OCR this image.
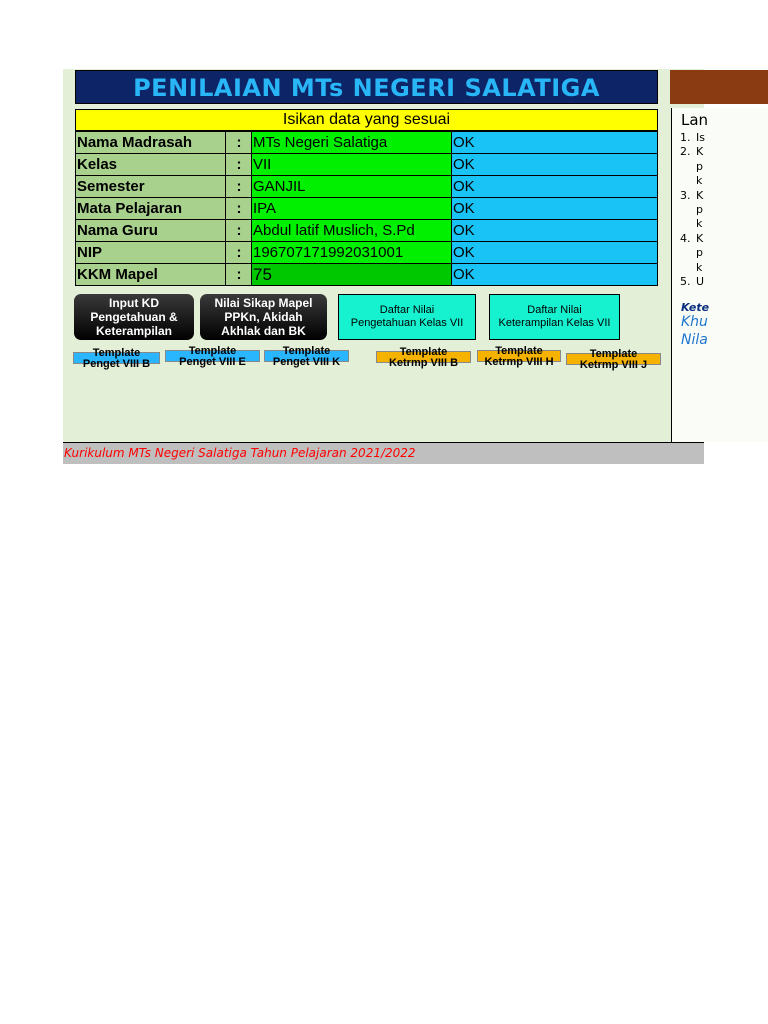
PENILAIAN MTs NEGERI SALATIGA
Isikan data yang sesuai
Nama Madrasah	:	MTs Negeri Salatiga	OK
Kelas	:	VII	OK
Semester	:	GANJIL	OK
Mata Pelajaran	:	IPA	OK
Nama Guru	:	Abdul latif Muslich, S.Pd	OK
NIP	:	196707171992031001	OK
KKM Mapel	:	75	OK
Input KD
Pengetahuan &
Keterampilan
Nilai Sikap Mapel
PPKn, Akidah
Akhlak dan BK
Daftar Nilai
Pengetahuan Kelas VII
Daftar Nilai
Keterampilan Kelas VII
Template
Penget VIII B
Template
Penget VIII E
Template
Penget VIII K
Template
Ketrmp VIII B
Template
Ketrmp VIII H
Template
Ketrmp VIII J
Lan
1. Is
2. K
p
k
3. K
p
k
4. K
p
k
5. U
Kete
Khu
Nila
Kurikulum MTs Negeri Salatiga Tahun Pelajaran 2021/2022
